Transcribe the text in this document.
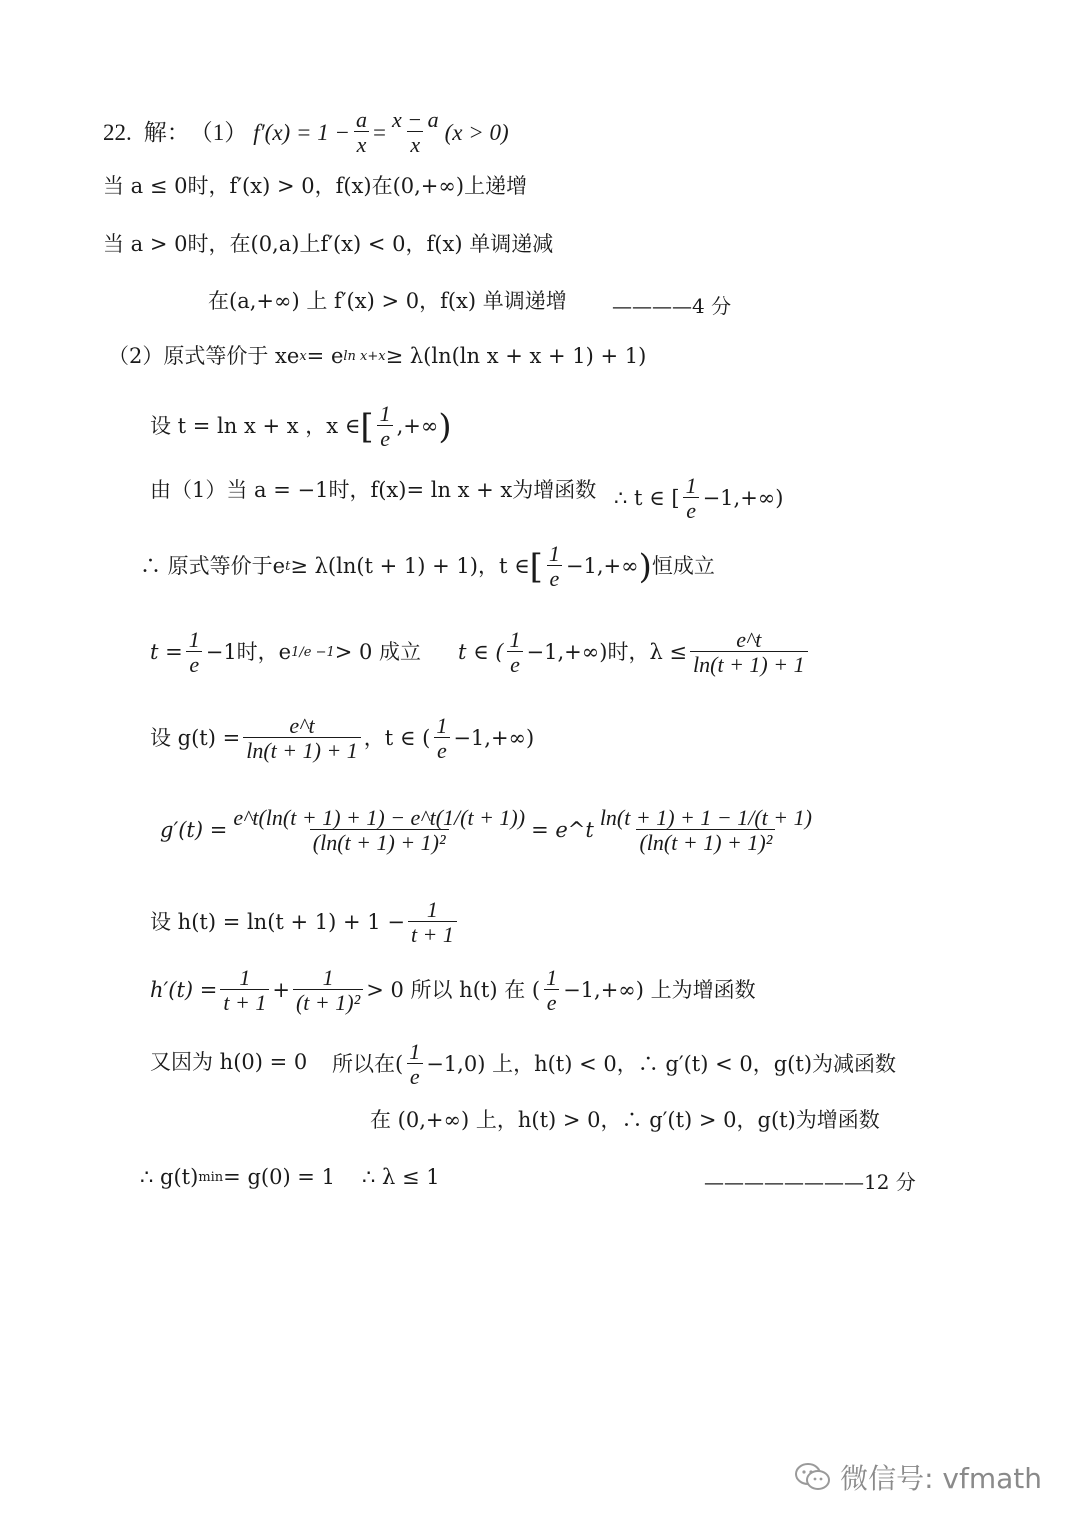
22. 解： （1） $f'(x) = 1 - \frac{a}{x} = \frac{x - a}{x} (x > 0)$
当 a ≤ 0时，f′(x) > 0，f(x)在(0,+∞)上递增
当 a > 0时，在(0,a)上f′(x) < 0，f(x) 单调递减
在(a,+∞) 上 f′(x) > 0，f(x) 单调递增 ————4 分
（2） 原式等价于 xe x = e ln x+x ≥ λ(ln(ln x + x + 1) + 1)
设 t = ln x + x ，x ∈ [ $\frac{1}{e}$ ,+∞ )
由（1）当 a = −1时，f(x)= ln x + x为增函数 ∴ t ∈ [ $\frac{1}{e} -1,+\infty$)
∴ 原式等价于e t ≥ λ(ln(t + 1) + 1)，t ∈ [ $\frac{1}{e} -1,+\infty$ ) 恒成立
$t = \frac{1}{e} -1$时，e 1/e −1 > 0 成立 t ∈ ( $\frac{1}{e} -1,+\infty$)时，$\lambda \le \frac{e\^{}t}{\ln(t + 1) + 1}$
设 $g(t) = \frac{e\^{}t}{\ln(t + 1) + 1}$ ，t ∈ ( $\frac{1}{e} -1,+\infty$)
$g'(t) = \frac{e\^{}t(\ln(t + 1) + 1) - e\^{}t(1/(t + 1))}{\text{(ln(t + 1) + 1)²}}$ = e^t $\frac{\ln(t + 1) + 1 - 1/(t + 1)}{\text{(ln(t + 1) + 1)²}}$
设 $h(t) = \ln(t + 1) + 1 - \frac{1}{t + 1}$
$h'(t) = \frac{1}{t + 1} + \frac{1}{\text{(t + 1)²}} > 0$ 所以 h(t) 在 ( $\frac{1}{e} -1,+\infty$) 上为增函数
又因为 h(0) = 0 所以在( $\frac{1}{e} -1,0$) 上，h(t) < 0，∴ g′(t) < 0，g(t)为减函数
在 (0,+∞) 上，h(t) > 0，∴ g′(t) > 0，g(t)为增函数
∴ g(t) min = g(0) = 1 ∴ λ ≤ 1	————————12 分
微信号: vfmath
